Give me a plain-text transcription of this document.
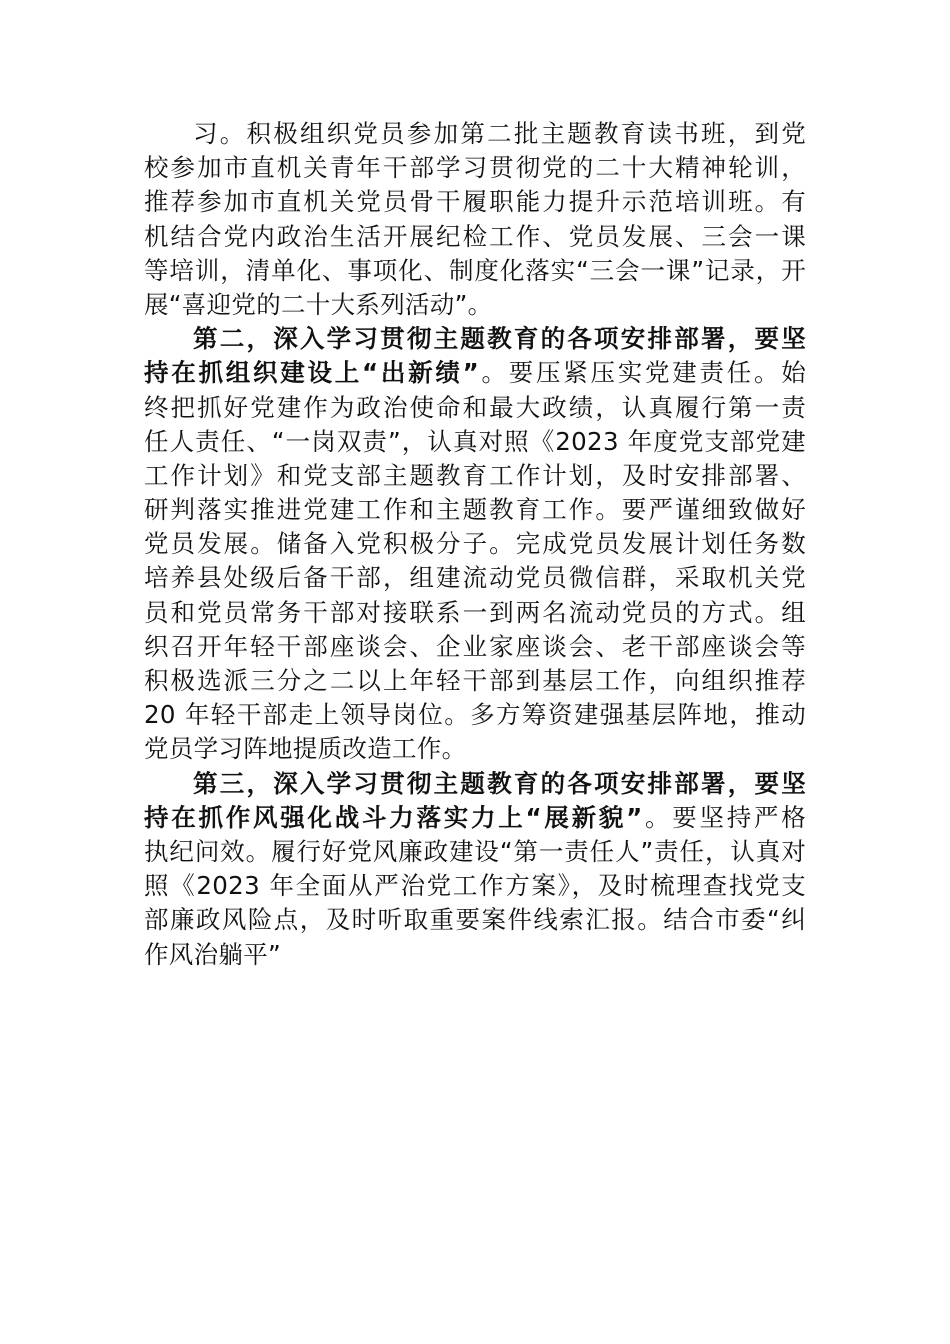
习。积极组织党员参加第二批主题教育读书班，到党
校参加市直机关青年干部学习贯彻党的二十大精神轮训，
推荐参加市直机关党员骨干履职能力提升示范培训班。有
机结合党内政治生活开展纪检工作、党员发展、三会一课
等培训，清单化、事项化、制度化落实“三会一课”记录，开
展“喜迎党的二十大系列活动”。
第二，深入学习贯彻主题教育的各项安排部署，要坚
持在抓组织建设上“出新绩”。要压紧压实党建责任。始
终把抓好党建作为政治使命和最大政绩，认真履行第一责
任人责任、“一岗双责”，认真对照《2023 年度党支部党建
工作计划》和党支部主题教育工作计划，及时安排部署、
研判落实推进党建工作和主题教育工作。要严谨细致做好
党员发展。储备入党积极分子。完成党员发展计划任务数
培养县处级后备干部，组建流动党员微信群，采取机关党
员和党员常务干部对接联系一到两名流动党员的方式。组
织召开年轻干部座谈会、企业家座谈会、老干部座谈会等
积极选派三分之二以上年轻干部到基层工作，向组织推荐
20 年轻干部走上领导岗位。多方筹资建强基层阵地，推动
党员学习阵地提质改造工作。
第三，深入学习贯彻主题教育的各项安排部署，要坚
持在抓作风强化战斗力落实力上“展新貌”。要坚持严格
执纪问效。履行好党风廉政建设“第一责任人”责任，认真对
照《2023 年全面从严治党工作方案》，及时梳理查找党支
部廉政风险点，及时听取重要案件线索汇报。结合市委“纠
作风治躺平”
